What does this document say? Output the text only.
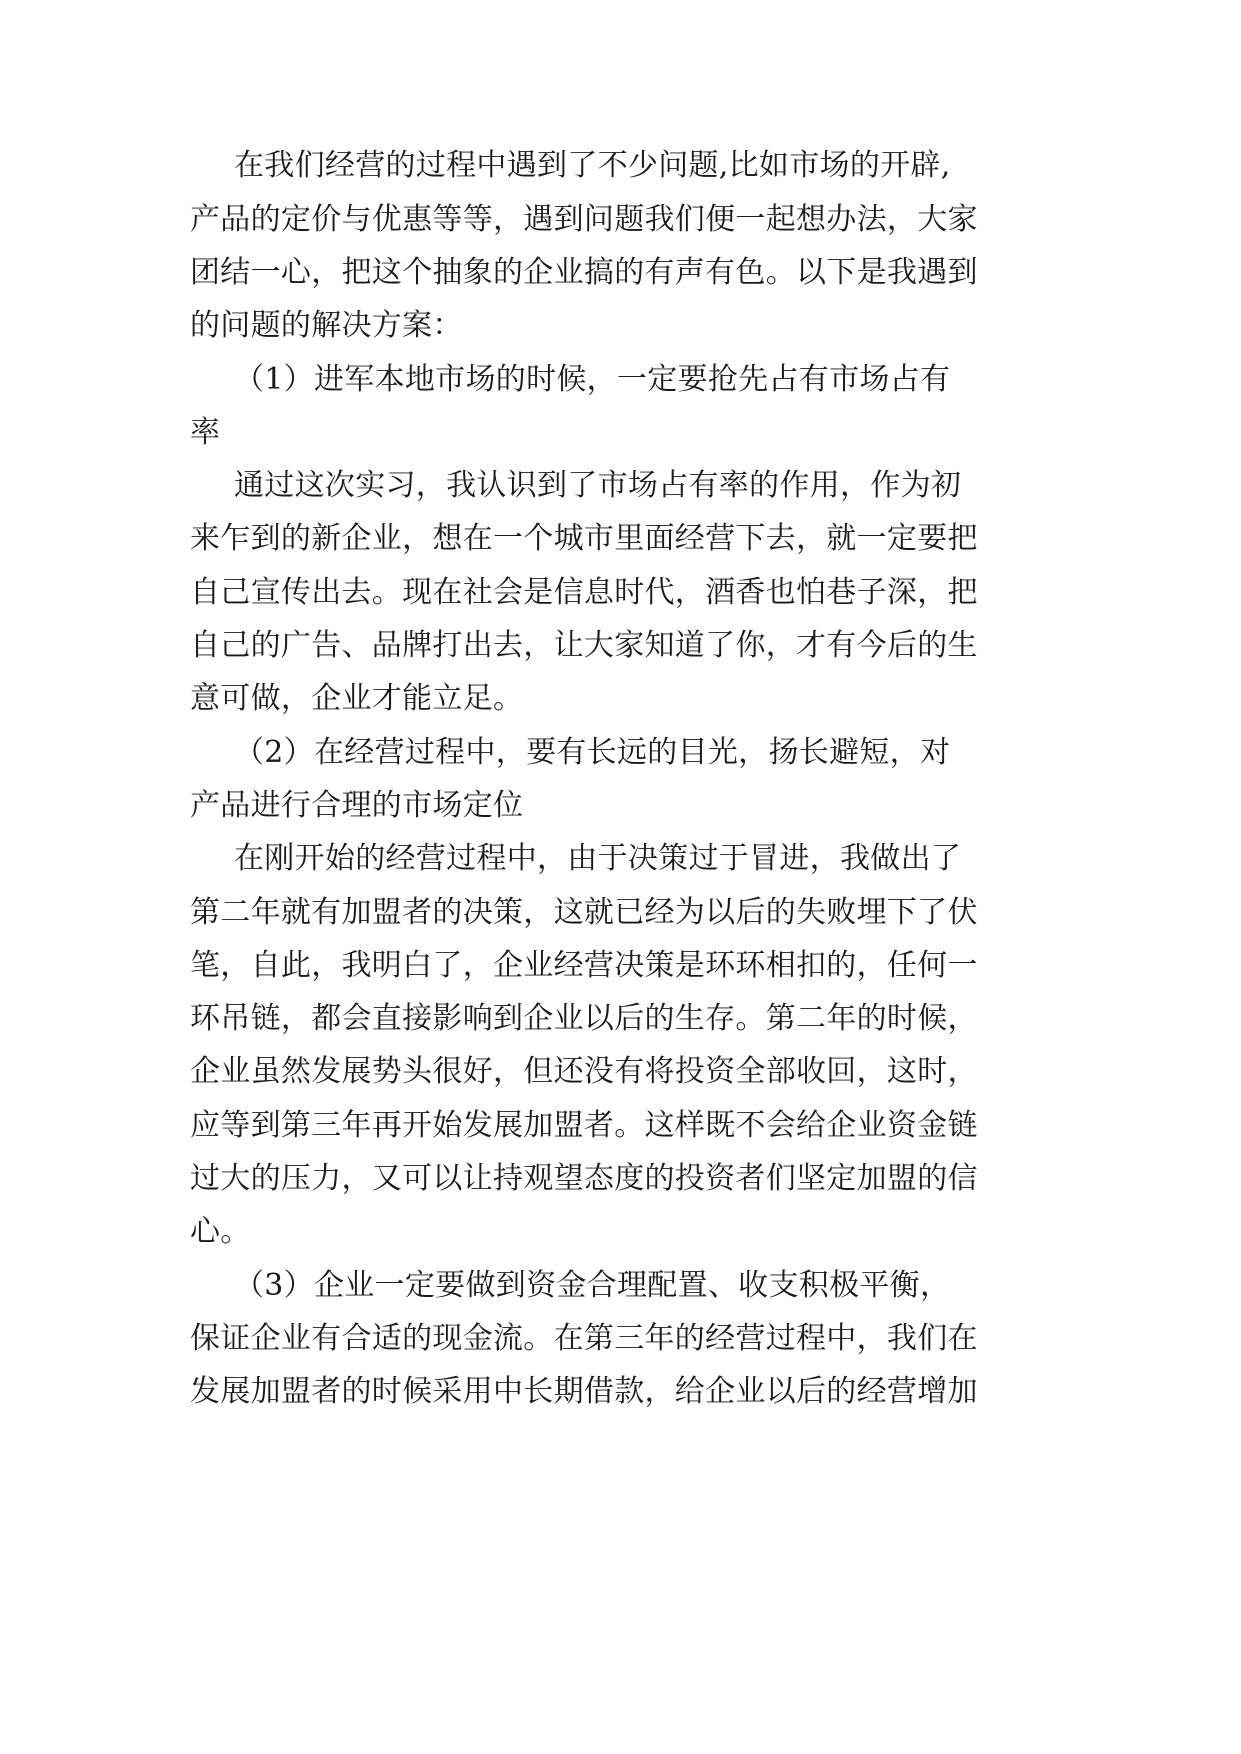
在我们经营的过程中遇到了不少问题,比如市场的开辟,
产品的定价与优惠等等，遇到问题我们便一起想办法，大家
团结一心，把这个抽象的企业搞的有声有色。以下是我遇到
的问题的解决方案：
（1）进军本地市场的时候，一定要抢先占有市场占有
率
通过这次实习，我认识到了市场占有率的作用，作为初
来乍到的新企业，想在一个城市里面经营下去，就一定要把
自己宣传出去。现在社会是信息时代，酒香也怕巷子深，把
自己的广告、品牌打出去，让大家知道了你，才有今后的生
意可做，企业才能立足。
（2）在经营过程中，要有长远的目光，扬长避短，对
产品进行合理的市场定位
在刚开始的经营过程中，由于决策过于冒进，我做出了
第二年就有加盟者的决策，这就已经为以后的失败埋下了伏
笔，自此，我明白了，企业经营决策是环环相扣的，任何一
环吊链，都会直接影响到企业以后的生存。第二年的时候，
企业虽然发展势头很好，但还没有将投资全部收回，这时，
应等到第三年再开始发展加盟者。这样既不会给企业资金链
过大的压力，又可以让持观望态度的投资者们坚定加盟的信
心。
（3）企业一定要做到资金合理配置、收支积极平衡，
保证企业有合适的现金流。在第三年的经营过程中，我们在
发展加盟者的时候采用中长期借款，给企业以后的经营增加
